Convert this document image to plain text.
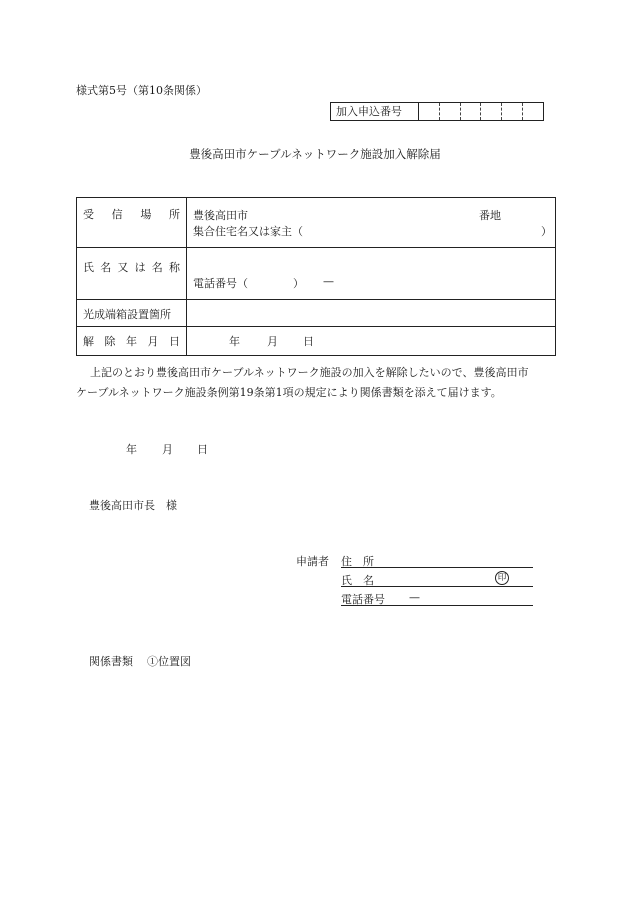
様式第5号（第10条関係）
加入申込番号
豊後高田市ケーブルネットワーク施設加入解除届
受 信 場 所 豊後高田市	番地
集合住宅名又は家主（	）
氏 名 又 は 名 称
電話番号（	） —
光成端箱設置箇所
解 除 年 月 日	年 月 日
上記のとおり豊後高田市ケーブルネットワーク施設の加入を解除したいので、豊後高田市
ケーブルネットワーク施設条例第19条第1項の規定により関係書類を添えて届けます。
年 月 日
豊後高田市長　様
申請者 住　所
氏　名	印
電話番号 —
関係書類 ①位置図
